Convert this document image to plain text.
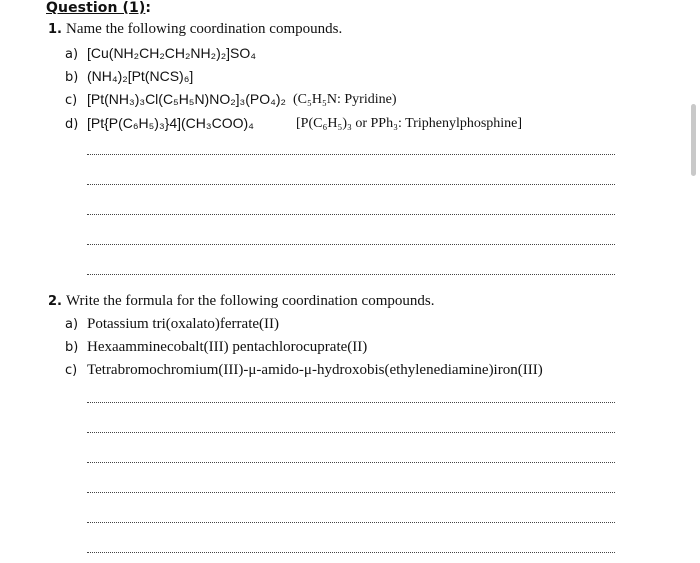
Question (1):
1. Name the following coordination compounds.
a) [Cu(NH₂CH₂CH₂NH₂)₂]SO₄
b) (NH₄)₂[Pt(NCS)₆]
c) [Pt(NH₃)₃Cl(C₅H₅N)NO₂]₃(PO₄)₂ (C₅H₅N: Pyridine)
d) [Pt{P(C₆H₅)₃}4](CH₃COO)₄	[P(C₆H₅)₃ or PPh₃: Triphenylphosphine]
2. Write the formula for the following coordination compounds.
a) Potassium tri(oxalato)ferrate(II)
b) Hexaamminecobalt(III) pentachlorocuprate(II)
c) Tetrabromochromium(III)-μ-amido-μ-hydroxobis(ethylenediamine)iron(III)
